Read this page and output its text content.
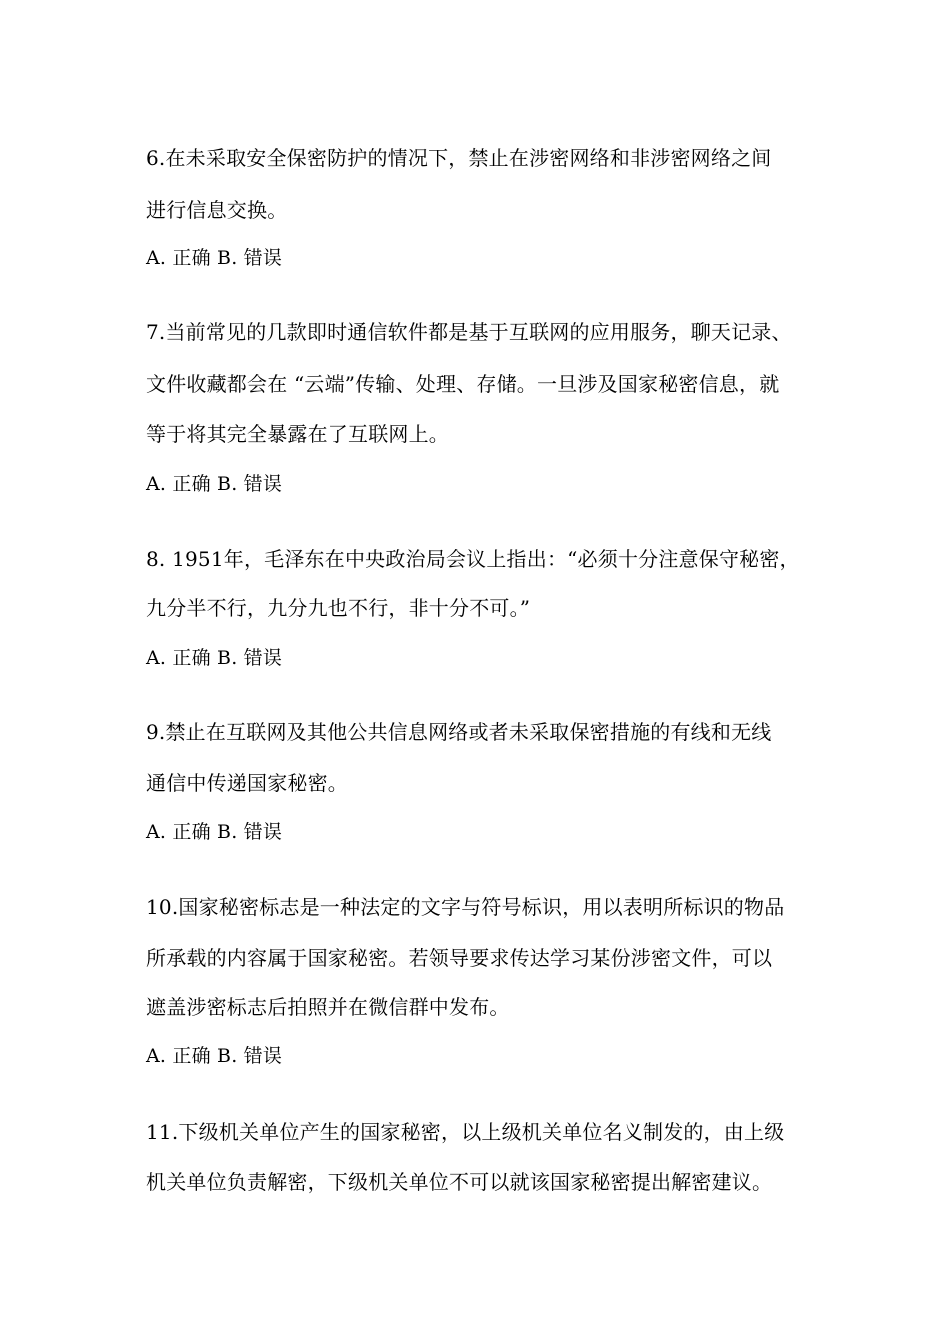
6.在未采取安全保密防护的情况下，禁止在涉密网络和非涉密网络之间
进行信息交换。
A. 正确 B. 错误
7.当前常见的几款即时通信软件都是基于互联网的应用服务，聊天记录、
文件收藏都会在 “云端”传输、处理、存储。一旦涉及国家秘密信息，就
等于将其完全暴露在了互联网上。
A. 正确 B. 错误
8. 1951年，毛泽东在中央政治局会议上指出：“必须十分注意保守秘密，
九分半不行，九分九也不行，非十分不可。”
A. 正确 B. 错误
9.禁止在互联网及其他公共信息网络或者未采取保密措施的有线和无线
通信中传递国家秘密。
A. 正确 B. 错误
10.国家秘密标志是一种法定的文字与符号标识，用以表明所标识的物品
所承载的内容属于国家秘密。若领导要求传达学习某份涉密文件，可以
遮盖涉密标志后拍照并在微信群中发布。
A. 正确 B. 错误
11.下级机关单位产生的国家秘密，以上级机关单位名义制发的，由上级
机关单位负责解密，下级机关单位不可以就该国家秘密提出解密建议。
